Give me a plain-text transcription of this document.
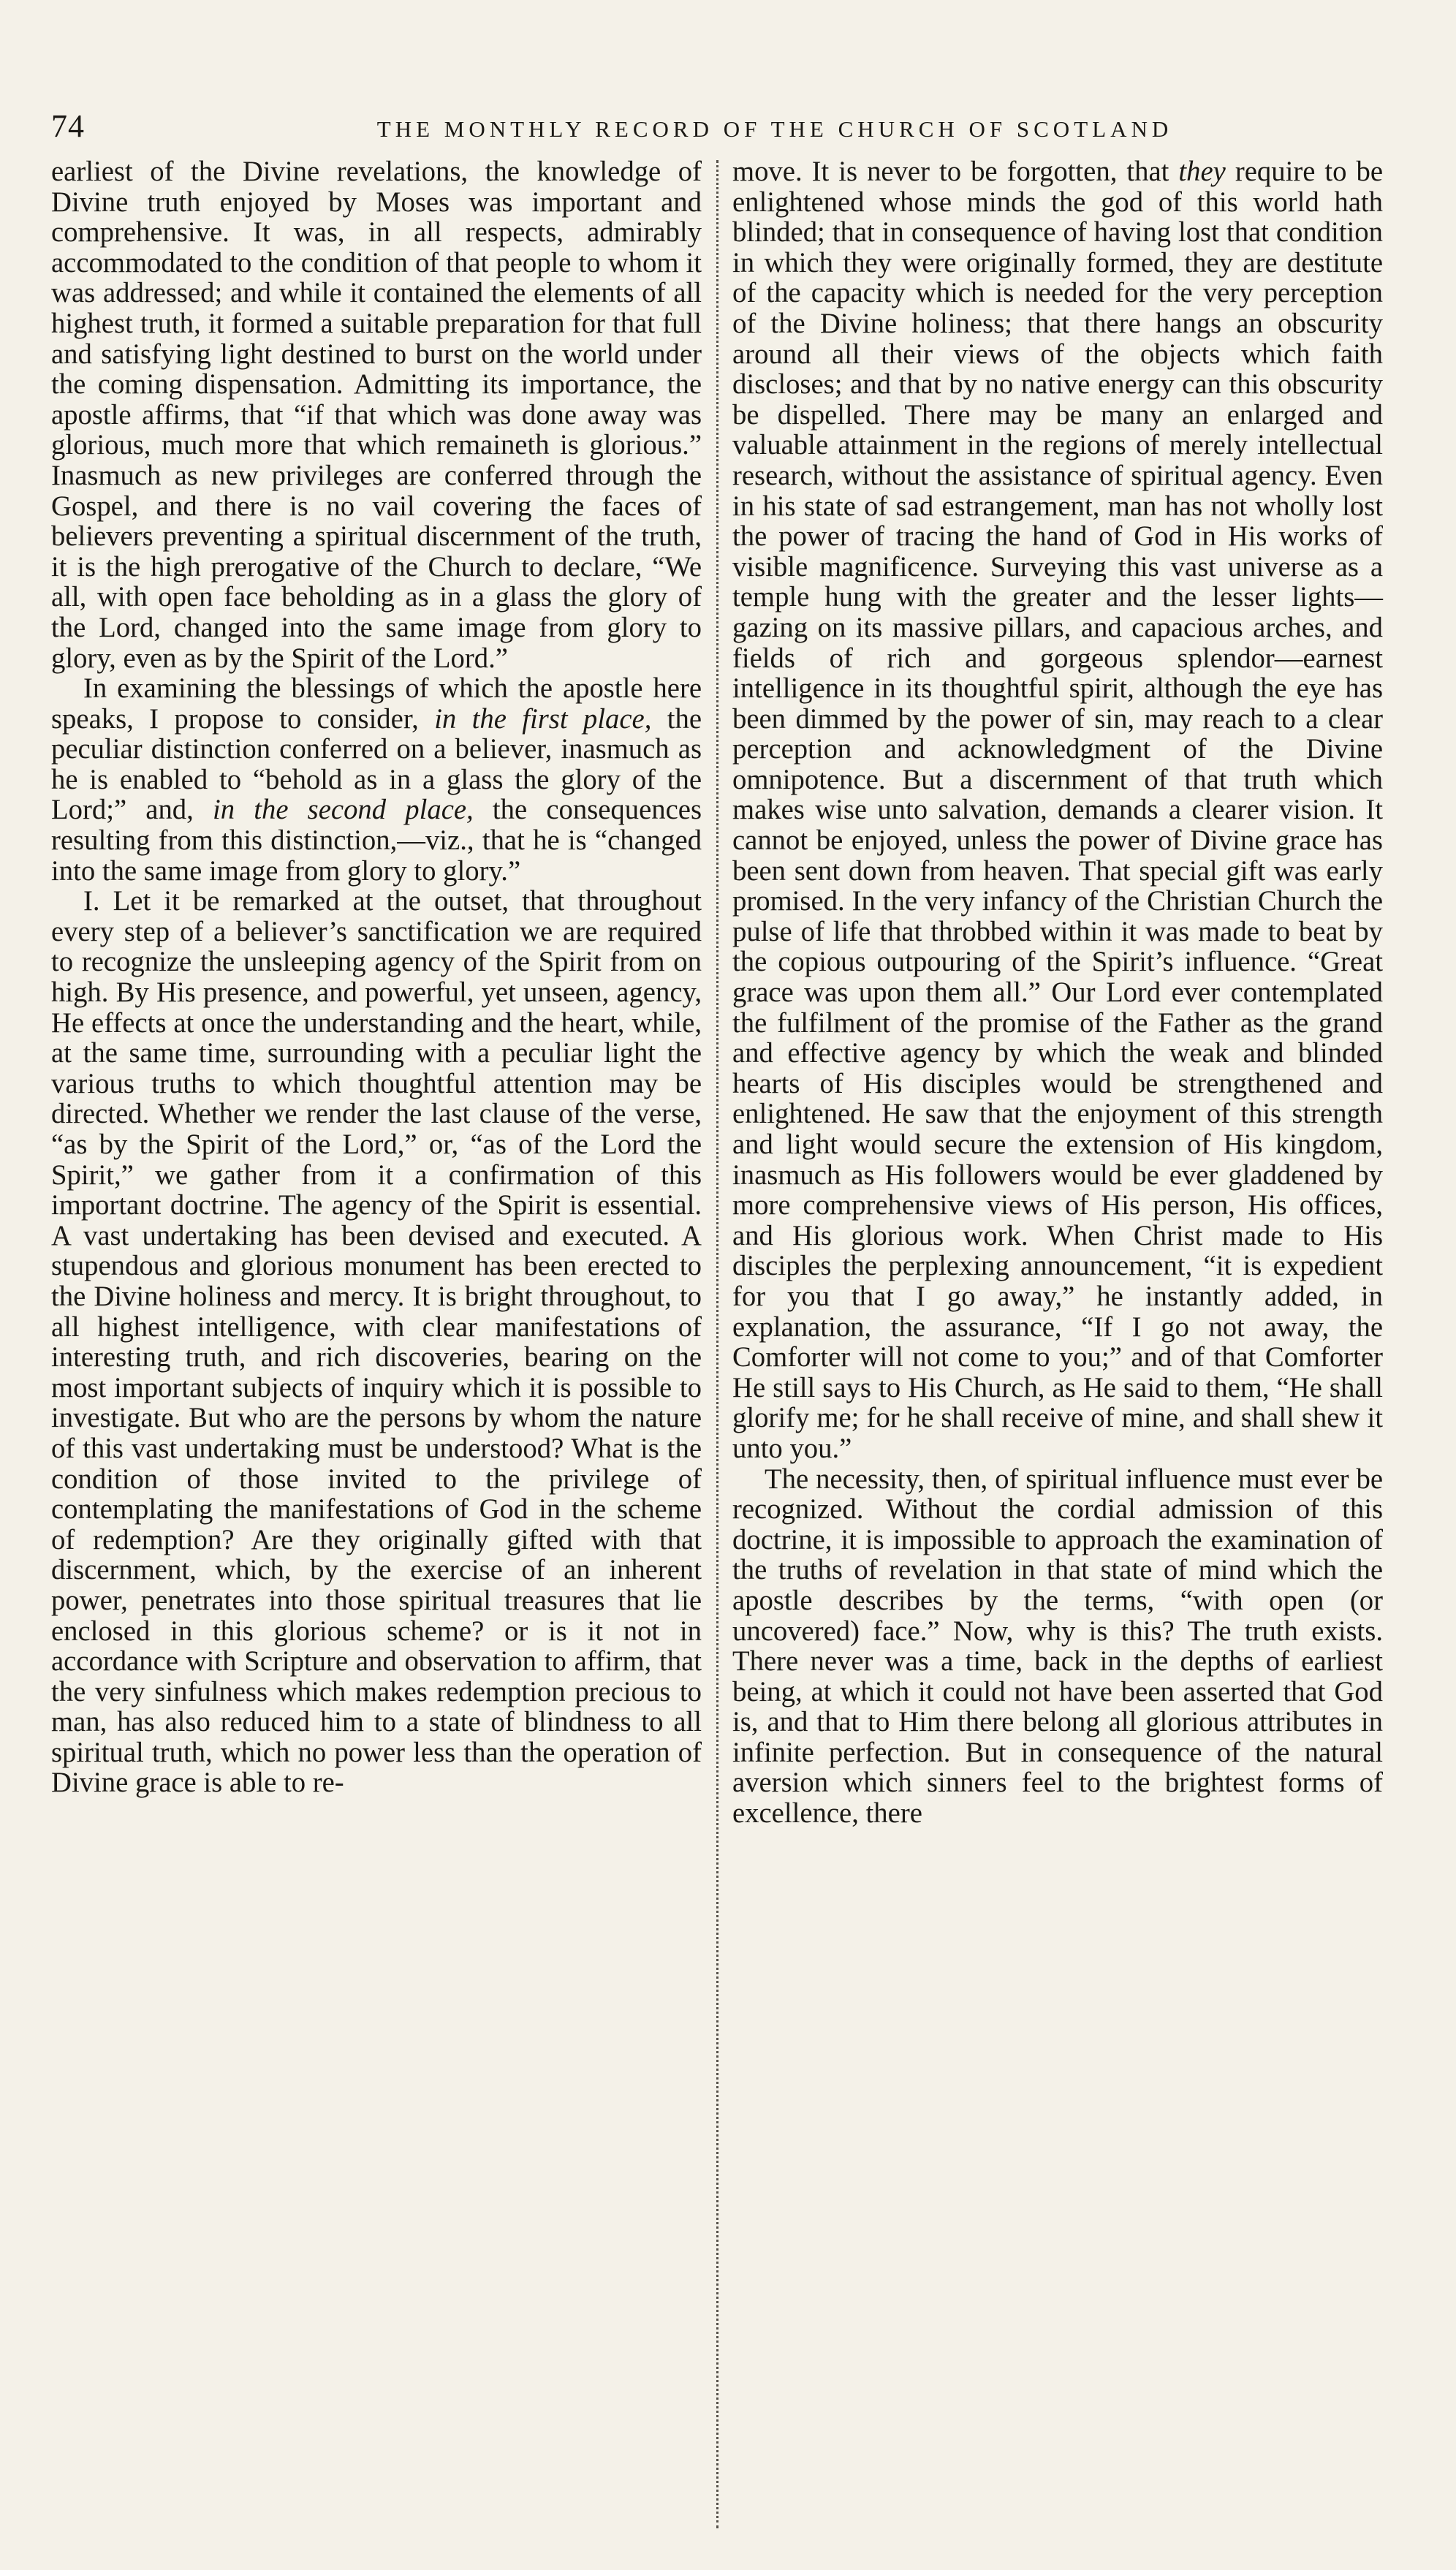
74	THE MONTHLY RECORD OF THE CHURCH OF SCOTLAND

earliest of the Divine revelations, the knowledge of Divine truth enjoyed by Moses was important and comprehensive. It was, in all respects, admirably accommodated to the condition of that people to whom it was addressed; and while it contained the elements of all highest truth, it formed a suitable preparation for that full and satisfying light destined to burst on the world under the coming dispensation. Admitting its importance, the apostle affirms, that “if that which was done away was glorious, much more that which remaineth is glorious.” Inasmuch as new privileges are conferred through the Gospel, and there is no vail covering the faces of believers preventing a spiritual discernment of the truth, it is the high prerogative of the Church to declare, “We all, with open face beholding as in a glass the glory of the Lord, changed into the same image from glory to glory, even as by the Spirit of the Lord.”

In examining the blessings of which the apostle here speaks, I propose to consider, in the first place, the peculiar distinction conferred on a believer, inasmuch as he is enabled to “behold as in a glass the glory of the Lord;” and, in the second place, the consequences resulting from this distinction,—viz., that he is “changed into the same image from glory to glory.”

I. Let it be remarked at the outset, that throughout every step of a believer’s sanctification we are required to recognize the unsleeping agency of the Spirit from on high. By His presence, and powerful, yet unseen, agency, He effects at once the understanding and the heart, while, at the same time, surrounding with a peculiar light the various truths to which thoughtful attention may be directed. Whether we render the last clause of the verse, “as by the Spirit of the Lord,” or, “as of the Lord the Spirit,” we gather from it a confirmation of this important doctrine. The agency of the Spirit is essential. A vast undertaking has been devised and executed. A stupendous and glorious monument has been erected to the Divine holiness and mercy. It is bright throughout, to all highest intelligence, with clear manifestations of interesting truth, and rich discoveries, bearing on the most important subjects of inquiry which it is possible to investigate. But who are the persons by whom the nature of this vast undertaking must be understood? What is the condition of those invited to the privilege of contemplating the manifestations of God in the scheme of redemption? Are they originally gifted with that discernment, which, by the exercise of an inherent power, penetrates into those spiritual treasures that lie enclosed in this glorious scheme? or is it not in accordance with Scripture and observation to affirm, that the very sinfulness which makes redemption precious to man, has also reduced him to a state of blindness to all spiritual truth, which no power less than the operation of Divine grace is able to re-

move. It is never to be forgotten, that they require to be enlightened whose minds the god of this world hath blinded; that in consequence of having lost that condition in which they were originally formed, they are destitute of the capacity which is needed for the very perception of the Divine holiness; that there hangs an obscurity around all their views of the objects which faith discloses; and that by no native energy can this obscurity be dispelled. There may be many an enlarged and valuable attainment in the regions of merely intellectual research, without the assistance of spiritual agency. Even in his state of sad estrangement, man has not wholly lost the power of tracing the hand of God in His works of visible magnificence. Surveying this vast universe as a temple hung with the greater and the lesser lights—gazing on its massive pillars, and capacious arches, and fields of rich and gorgeous splendor—earnest intelligence in its thoughtful spirit, although the eye has been dimmed by the power of sin, may reach to a clear perception and acknowledgment of the Divine omnipotence. But a discernment of that truth which makes wise unto salvation, demands a clearer vision. It cannot be enjoyed, unless the power of Divine grace has been sent down from heaven. That special gift was early promised. In the very infancy of the Christian Church the pulse of life that throbbed within it was made to beat by the copious outpouring of the Spirit’s influence. “Great grace was upon them all.” Our Lord ever contemplated the fulfilment of the promise of the Father as the grand and effective agency by which the weak and blinded hearts of His disciples would be strengthened and enlightened. He saw that the enjoyment of this strength and light would secure the extension of His kingdom, inasmuch as His followers would be ever gladdened by more comprehensive views of His person, His offices, and His glorious work. When Christ made to His disciples the perplexing announcement, “it is expedient for you that I go away,” he instantly added, in explanation, the assurance, “If I go not away, the Comforter will not come to you;” and of that Comforter He still says to His Church, as He said to them, “He shall glorify me; for he shall receive of mine, and shall shew it unto you.”

The necessity, then, of spiritual influence must ever be recognized. Without the cordial admission of this doctrine, it is impossible to approach the examination of the truths of revelation in that state of mind which the apostle describes by the terms, “with open (or uncovered) face.” Now, why is this? The truth exists. There never was a time, back in the depths of earliest being, at which it could not have been asserted that God is, and that to Him there belong all glorious attributes in infinite perfection. But in consequence of the natural aversion which sinners feel to the brightest forms of excellence, there
